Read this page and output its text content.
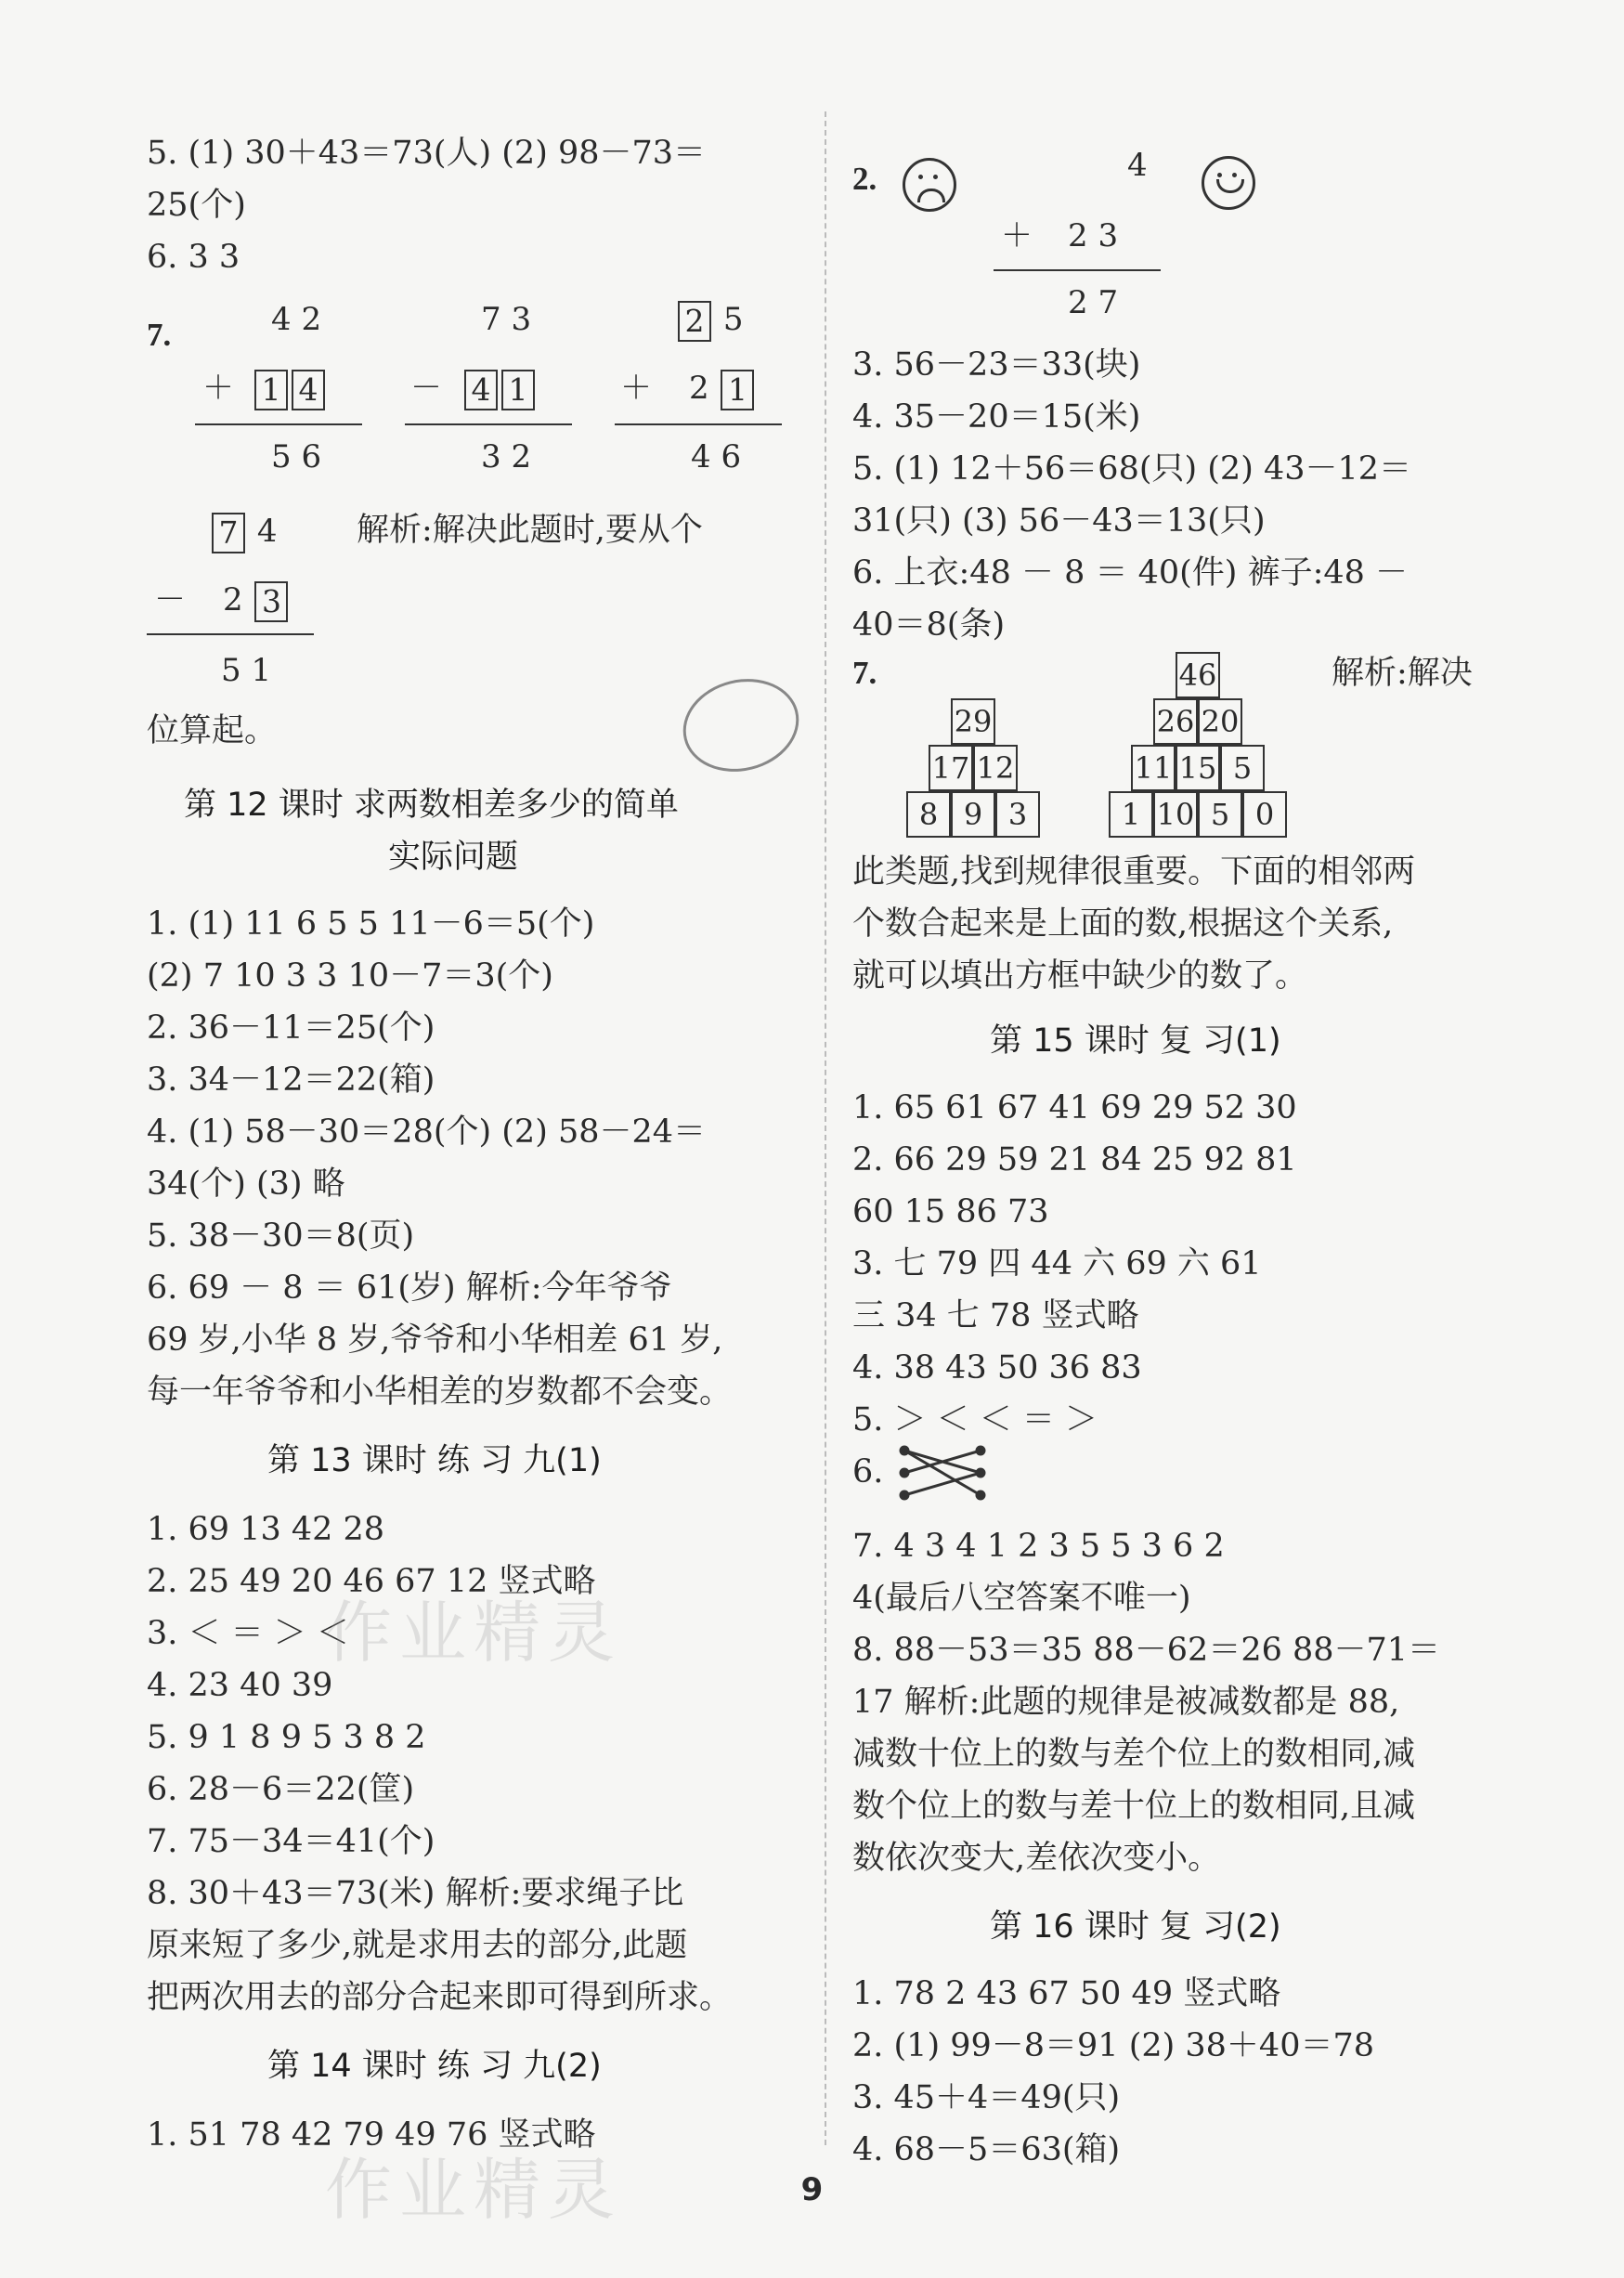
5. (1) 30＋43＝73(人) (2) 98－73＝
25(个)
6. 3 3
7.	4 2
＋ 1 4
5 6
7 3
－ 4 1
3 2
2 5
＋ 2 1
4 6
7 4
－ 2 3
5 1
解析:解决此题时,要从个
位算起。
第 12 课时 求两数相差多少的简单
实际问题
1. (1) 11 6 5 5 11－6＝5(个)
(2) 7 10 3 3 10－7＝3(个)
2. 36－11＝25(个)
3. 34－12＝22(箱)
4. (1) 58－30＝28(个) (2) 58－24＝
34(个) (3) 略
5. 38－30＝8(页)
6. 69 － 8 ＝ 61(岁) 解析:今年爷爷
69 岁,小华 8 岁,爷爷和小华相差 61 岁,
每一年爷爷和小华相差的岁数都不会变。
第 13 课时 练 习 九(1)
1. 69 13 42 28
2. 25 49 20 46 67 12 竖式略
3. ＜ ＝ ＞ ＜
4. 23 40 39
5. 9 1 8 9 5 3 8 2
6. 28－6＝22(筐)
7. 75－34＝41(个)
8. 30＋43＝73(米) 解析:要求绳子比
原来短了多少,就是求用去的部分,此题
把两次用去的部分合起来即可得到所求。
第 14 课时 练 习 九(2)
1. 51 78 42 79 49 76 竖式略
2.	4
＋ 2 3
2 7
3. 56－23＝33(块)
4. 35－20＝15(米)
5. (1) 12＋56＝68(只) (2) 43－12＝
31(只) (3) 56－43＝13(只)
6. 上衣:48 － 8 ＝ 40(件) 裤子:48 －
40＝8(条)
7.	解析:解决
29
17 12
8 9 3
46
26 20
11 15 5
1 10 5 0
此类题,找到规律很重要。下面的相邻两
个数合起来是上面的数,根据这个关系,
就可以填出方框中缺少的数了。
第 15 课时 复 习(1)
1. 65 61 67 41 69 29 52 30
2. 66 29 59 21 84 25 92 81
60 15 86 73
3. 七 79 四 44 六 69 六 61
三 34 七 78 竖式略
4. 38 43 50 36 83
5. ＞ ＜ ＜ ＝ ＞
6.
7. 4 3 4 1 2 3 5 5 3 6 2
4(最后八空答案不唯一)
8. 88－53＝35 88－62＝26 88－71＝
17 解析:此题的规律是被减数都是 88,
减数十位上的数与差个位上的数相同,减
数个位上的数与差十位上的数相同,且减
数依次变大,差依次变小。
第 16 课时 复 习(2)
1. 78 2 43 67 50 49 竖式略
2. (1) 99－8＝91 (2) 38＋40＝78
3. 45＋4＝49(只)
4. 68－5＝63(箱)
作业精灵
作业精灵	9
